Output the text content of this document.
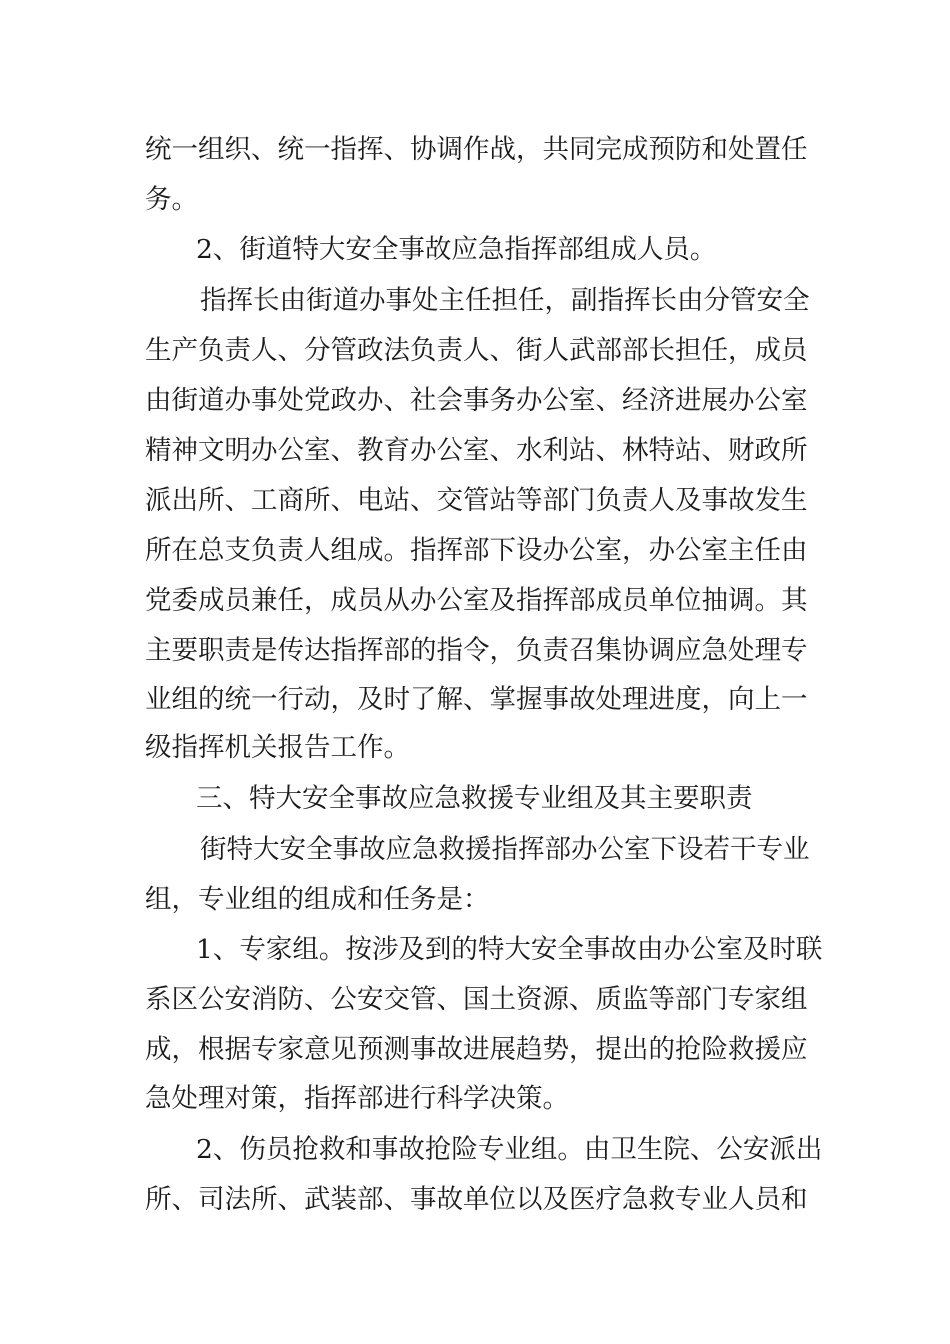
统一组织、统一指挥、协调作战，共同完成预防和处置任
务。
2、街道特大安全事故应急指挥部组成人员。
指挥长由街道办事处主任担任，副指挥长由分管安全
生产负责人、分管政法负责人、街人武部部长担任，成员
由街道办事处党政办、社会事务办公室、经济进展办公室
精神文明办公室、教育办公室、水利站、林特站、财政所
派出所、工商所、电站、交管站等部门负责人及事故发生
所在总支负责人组成。指挥部下设办公室，办公室主任由
党委成员兼任，成员从办公室及指挥部成员单位抽调。其
主要职责是传达指挥部的指令，负责召集协调应急处理专
业组的统一行动，及时了解、掌握事故处理进度，向上一
级指挥机关报告工作。
三、特大安全事故应急救援专业组及其主要职责
街特大安全事故应急救援指挥部办公室下设若干专业
组，专业组的组成和任务是：
1、专家组。按涉及到的特大安全事故由办公室及时联
系区公安消防、公安交管、国土资源、质监等部门专家组
成，根据专家意见预测事故进展趋势，提出的抢险救援应
急处理对策，指挥部进行科学决策。
2、伤员抢救和事故抢险专业组。由卫生院、公安派出
所、司法所、武装部、事故单位以及医疗急救专业人员和
